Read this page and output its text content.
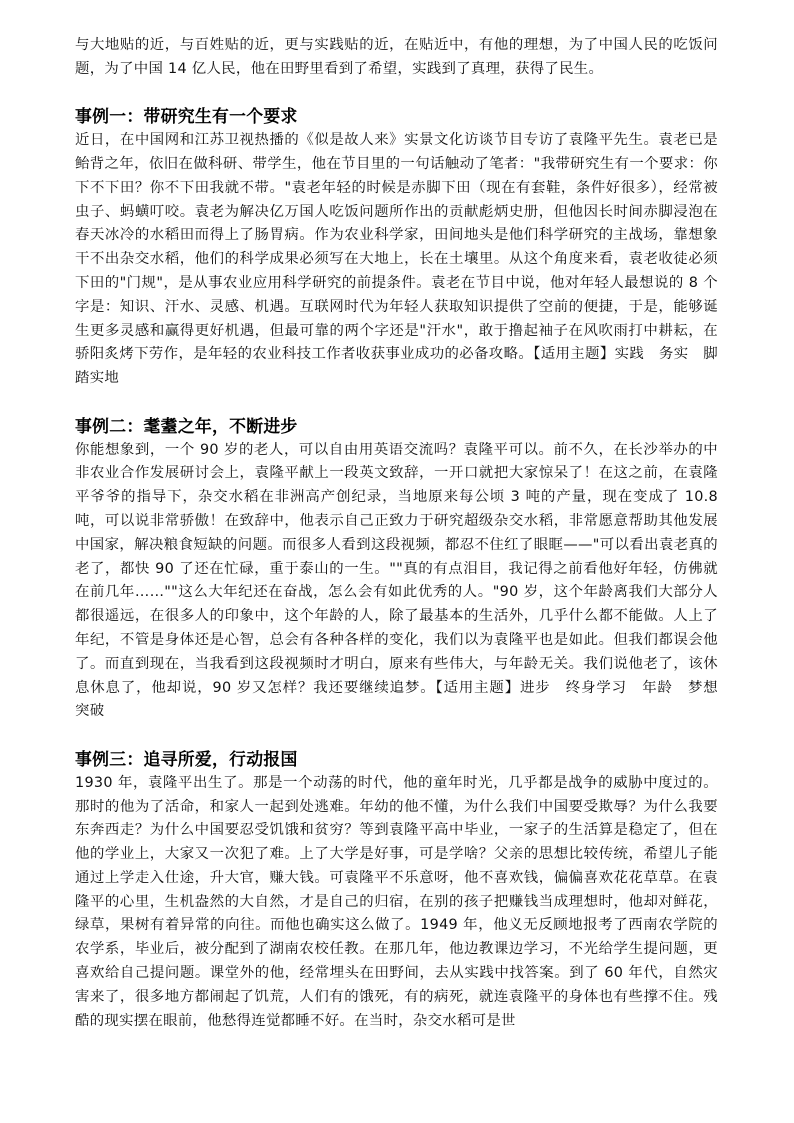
与大地贴的近，与百姓贴的近，更与实践贴的近，在贴近中，有他的理想，为了中国人民的吃饭问题，为了中国 14 亿人民，他在田野里看到了希望，实践到了真理，获得了民生。

事例一：带研究生有一个要求

近日，在中国网和江苏卫视热播的《似是故人来》实景文化访谈节目专访了袁隆平先生。袁老已是鲐背之年，依旧在做科研、带学生，他在节目里的一句话触动了笔者："我带研究生有一个要求：你下不下田？你不下田我就不带。"袁老年轻的时候是赤脚下田（现在有套鞋，条件好很多），经常被虫子、蚂蟥叮咬。袁老为解决亿万国人吃饭问题所作出的贡献彪炳史册，但他因长时间赤脚浸泡在春天冰冷的水稻田而得上了肠胃病。作为农业科学家，田间地头是他们科学研究的主战场，靠想象干不出杂交水稻，他们的科学成果必须写在大地上，长在土壤里。从这个角度来看，袁老收徒必须下田的"门规"，是从事农业应用科学研究的前提条件。袁老在节目中说，他对年轻人最想说的 8 个字是：知识、汗水、灵感、机遇。互联网时代为年轻人获取知识提供了空前的便捷，于是，能够诞生更多灵感和赢得更好机遇，但最可靠的两个字还是"汗水"，敢于撸起袖子在风吹雨打中耕耘，在骄阳炙烤下劳作，是年轻的农业科技工作者收获事业成功的必备攻略。【适用主题】实践　务实　脚踏实地

事例二：耄耋之年，不断进步

你能想象到，一个 90 岁的老人，可以自由用英语交流吗？袁隆平可以。前不久，在长沙举办的中非农业合作发展研讨会上，袁隆平献上一段英文致辞，一开口就把大家惊呆了！在这之前，在袁隆平爷爷的指导下，杂交水稻在非洲高产创纪录，当地原来每公顷 3 吨的产量，现在变成了 10.8 吨，可以说非常骄傲！在致辞中，他表示自己正致力于研究超级杂交水稻，非常愿意帮助其他发展中国家，解决粮食短缺的问题。而很多人看到这段视频，都忍不住红了眼眶——"可以看出袁老真的老了，都快 90 了还在忙碌，重于泰山的一生。""真的有点泪目，我记得之前看他好年轻，仿佛就在前几年……""这么大年纪还在奋战，怎么会有如此优秀的人。"90 岁，这个年龄离我们大部分人都很遥远，在很多人的印象中，这个年龄的人，除了最基本的生活外，几乎什么都不能做。人上了年纪，不管是身体还是心智，总会有各种各样的变化，我们以为袁隆平也是如此。但我们都误会他了。而直到现在，当我看到这段视频时才明白，原来有些伟大，与年龄无关。我们说他老了，该休息休息了，他却说，90 岁又怎样？我还要继续追梦。【适用主题】进步　终身学习　年龄　梦想　突破

事例三：追寻所爱，行动报国

1930 年，袁隆平出生了。那是一个动荡的时代，他的童年时光，几乎都是战争的威胁中度过的。那时的他为了活命，和家人一起到处逃难。年幼的他不懂，为什么我们中国要受欺辱？为什么我要东奔西走？为什么中国要忍受饥饿和贫穷？等到袁隆平高中毕业，一家子的生活算是稳定了，但在他的学业上，大家又一次犯了难。上了大学是好事，可是学啥？父亲的思想比较传统，希望儿子能通过上学走入仕途，升大官，赚大钱。可袁隆平不乐意呀，他不喜欢钱，偏偏喜欢花花草草。在袁隆平的心里，生机盎然的大自然，才是自己的归宿，在别的孩子把赚钱当成理想时，他却对鲜花，绿草，果树有着异常的向往。而他也确实这么做了。1949 年，他义无反顾地报考了西南农学院的农学系，毕业后，被分配到了湖南农校任教。在那几年，他边教课边学习，不光给学生提问题，更喜欢给自己提问题。课堂外的他，经常埋头在田野间，去从实践中找答案。到了 60 年代，自然灾害来了，很多地方都闹起了饥荒，人们有的饿死，有的病死，就连袁隆平的身体也有些撑不住。残酷的现实摆在眼前，他愁得连觉都睡不好。在当时，杂交水稻可是世
